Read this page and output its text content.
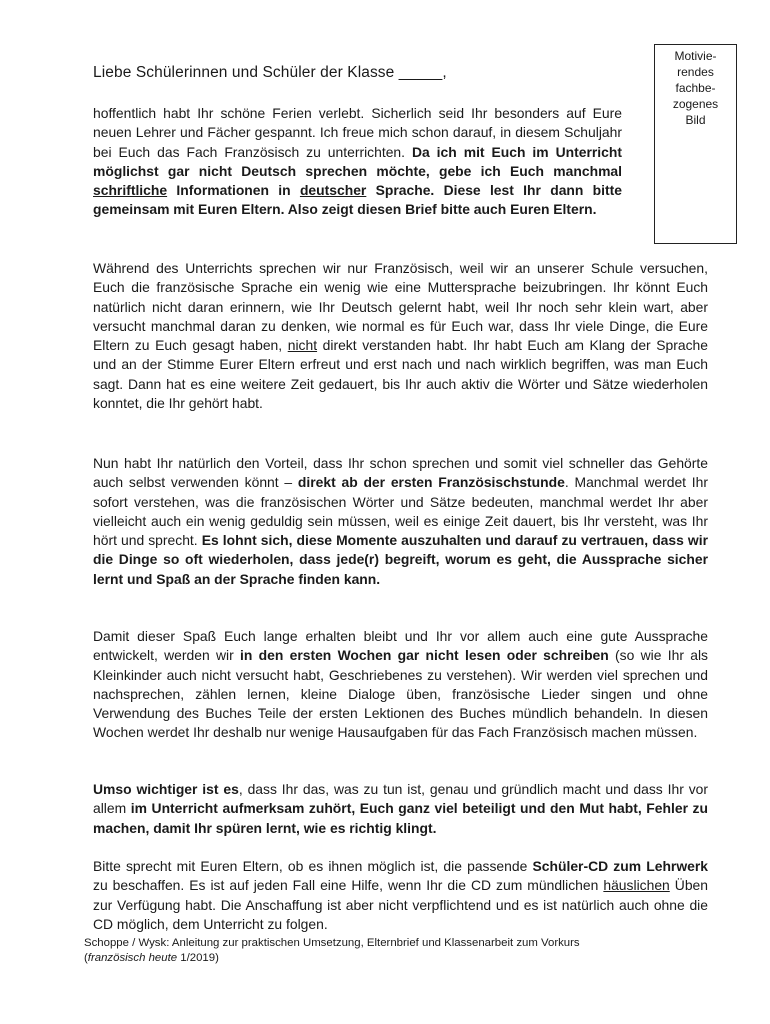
Liebe Schülerinnen und Schüler der Klasse _____,
Motivie-
rendes
fachbe-
zogenes
Bild

hoffentlich habt Ihr schöne Ferien verlebt. Sicherlich seid Ihr besonders auf Eure neuen Lehrer und Fächer gespannt. Ich freue mich schon darauf, in diesem Schuljahr bei Euch das Fach Französisch zu unterrichten. Da ich mit Euch im Unterricht möglichst gar nicht Deutsch sprechen möchte, gebe ich Euch manchmal schriftliche Informationen in deutscher Sprache. Diese lest Ihr dann bitte gemeinsam mit Euren Eltern. Also zeigt diesen Brief bitte auch Euren Eltern.

Während des Unterrichts sprechen wir nur Französisch, weil wir an unserer Schule versuchen, Euch die französische Sprache ein wenig wie eine Muttersprache beizubringen. Ihr könnt Euch natürlich nicht daran erinnern, wie Ihr Deutsch gelernt habt, weil Ihr noch sehr klein wart, aber versucht manchmal daran zu denken, wie normal es für Euch war, dass Ihr viele Dinge, die Eure Eltern zu Euch gesagt haben, nicht direkt verstanden habt. Ihr habt Euch am Klang der Sprache und an der Stimme Eurer Eltern erfreut und erst nach und nach wirklich begriffen, was man Euch sagt. Dann hat es eine weitere Zeit gedauert, bis Ihr auch aktiv die Wörter und Sätze wiederholen konntet, die Ihr gehört habt.

Nun habt Ihr natürlich den Vorteil, dass Ihr schon sprechen und somit viel schneller das Gehörte auch selbst verwenden könnt – direkt ab der ersten Französischstunde. Manchmal werdet Ihr sofort verstehen, was die französischen Wörter und Sätze bedeuten, manchmal werdet Ihr aber vielleicht auch ein wenig geduldig sein müssen, weil es einige Zeit dauert, bis Ihr versteht, was Ihr hört und sprecht. Es lohnt sich, diese Momente auszuhalten und darauf zu vertrauen, dass wir die Dinge so oft wiederholen, dass jede(r) begreift, worum es geht, die Aussprache sicher lernt und Spaß an der Sprache finden kann.

Damit dieser Spaß Euch lange erhalten bleibt und Ihr vor allem auch eine gute Aussprache entwickelt, werden wir in den ersten Wochen gar nicht lesen oder schreiben (so wie Ihr als Kleinkinder auch nicht versucht habt, Geschriebenes zu verstehen). Wir werden viel sprechen und nachsprechen, zählen lernen, kleine Dialoge üben, französische Lieder singen und ohne Verwendung des Buches Teile der ersten Lektionen des Buches mündlich behandeln. In diesen Wochen werdet Ihr deshalb nur wenige Hausaufgaben für das Fach Französisch machen müssen.

Umso wichtiger ist es, dass Ihr das, was zu tun ist, genau und gründlich macht und dass Ihr vor allem im Unterricht aufmerksam zuhört, Euch ganz viel beteiligt und den Mut habt, Fehler zu machen, damit Ihr spüren lernt, wie es richtig klingt.

Bitte sprecht mit Euren Eltern, ob es ihnen möglich ist, die passende Schüler-CD zum Lehrwerk zu beschaffen. Es ist auf jeden Fall eine Hilfe, wenn Ihr die CD zum mündlichen häuslichen Üben zur Verfügung habt. Die Anschaffung ist aber nicht verpflichtend und es ist natürlich auch ohne die CD möglich, dem Unterricht zu folgen.

Schoppe / Wysk: Anleitung zur praktischen Umsetzung, Elternbrief und Klassenarbeit zum Vorkurs
(französisch heute 1/2019)
